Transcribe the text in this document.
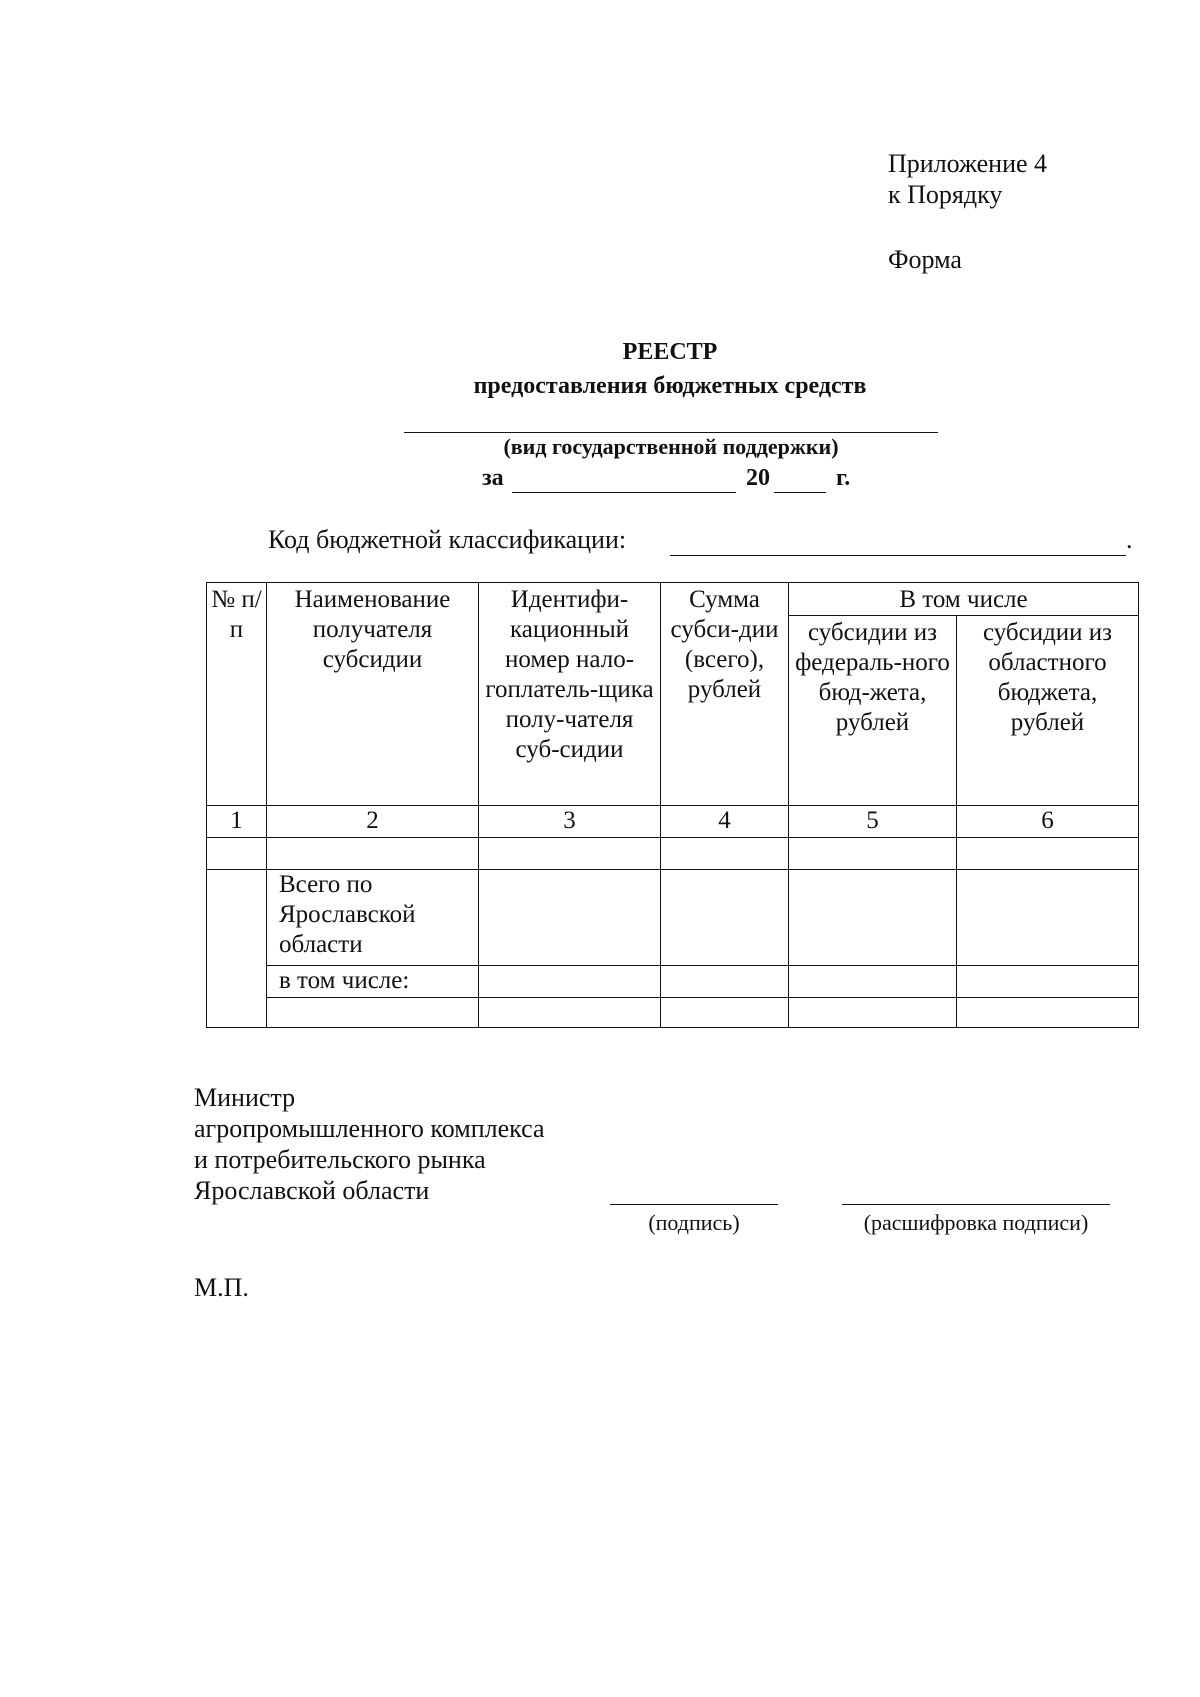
Приложение 4
к Порядку
Форма
РЕЕСТР
предоставления бюджетных средств
(вид государственной поддержки)
за	20	г.
Код бюджетной классификации:	.
№ п/п	Наименование получателя субсидии	Идентифи-кационный номер нало-гоплатель-щика полу-чателя суб-сидии	Сумма субси-дии (всего), рублей	В том числе	
				субсидии из федераль-ного бюд-жета, рублей	субсидии из областного бюджета, рублей
1	2	3	4	5	6

	Всего по Ярославской области				
	в том числе:				

Министр
агропромышленного комплекса
и потребительского рынка
Ярославской области
(подпись)	(расшифровка подписи)
М.П.
